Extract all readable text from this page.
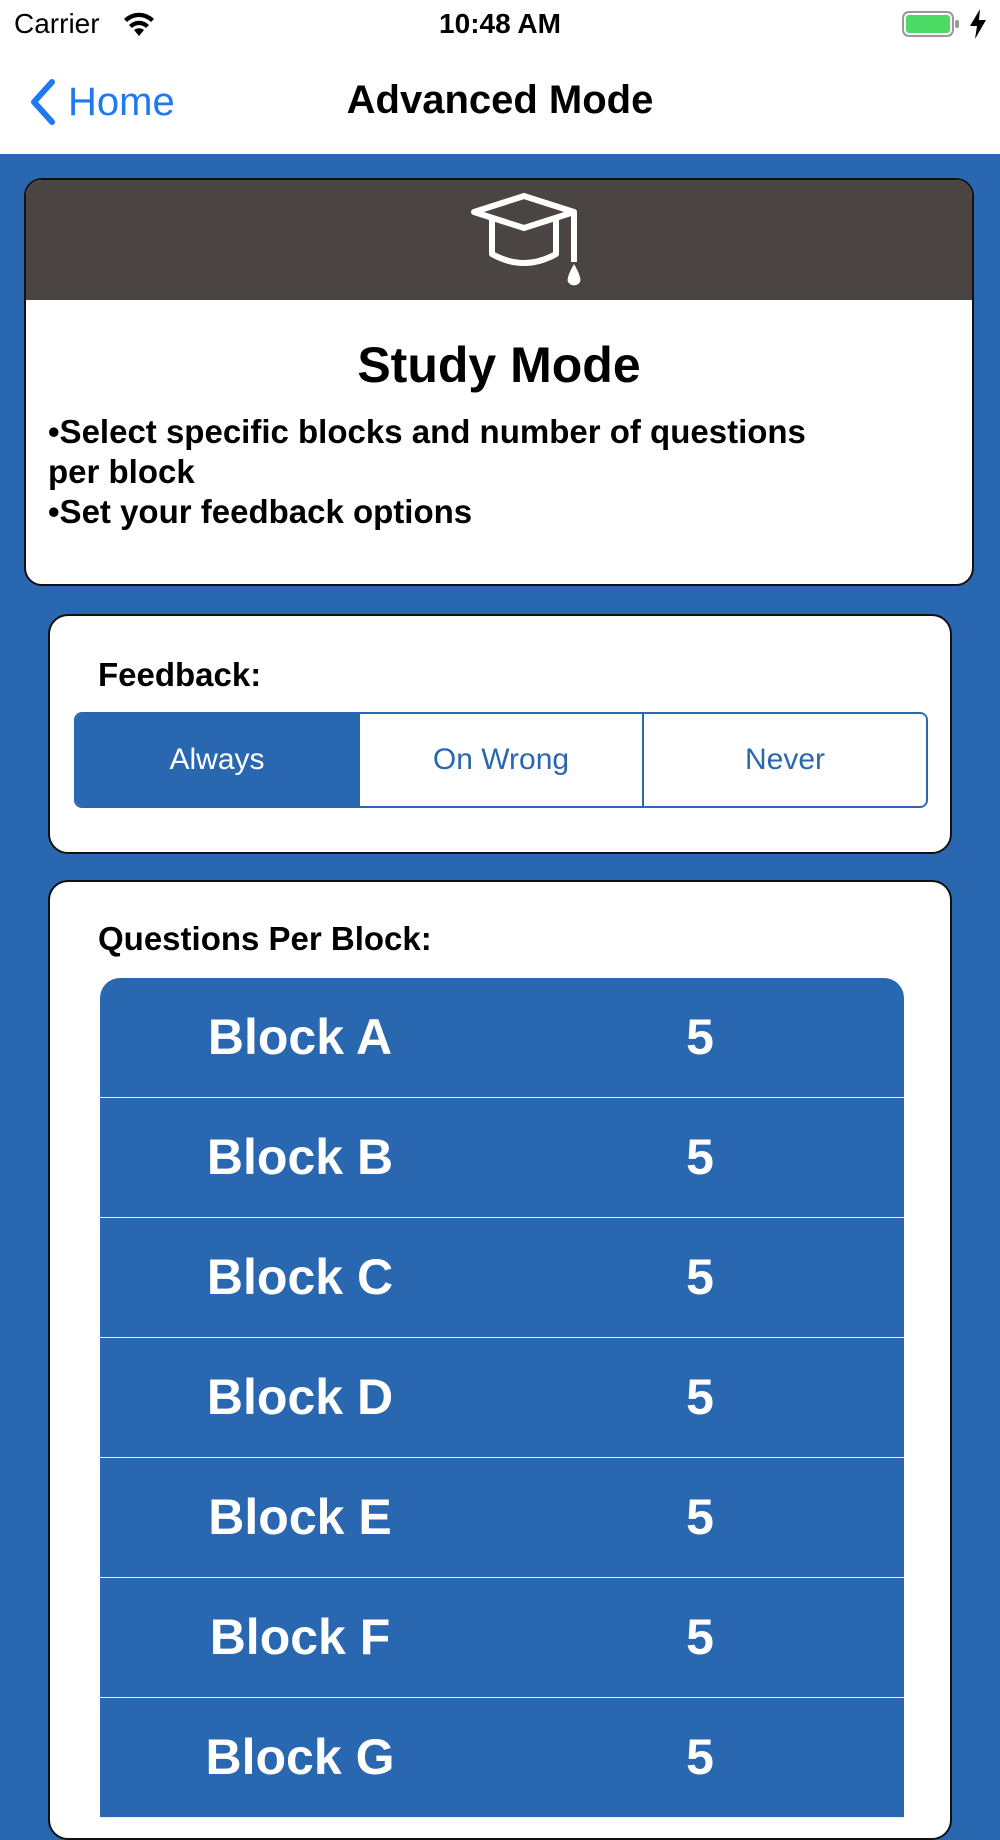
Carrier	10:48 AM
Home	Advanced Mode
Study Mode
•Select specific blocks and number of questions per block
•Set your feedback options
Feedback:
Always	On Wrong	Never
Questions Per Block:
Block A	5
Block B	5
Block C	5
Block D	5
Block E	5
Block F	5
Block G	5
